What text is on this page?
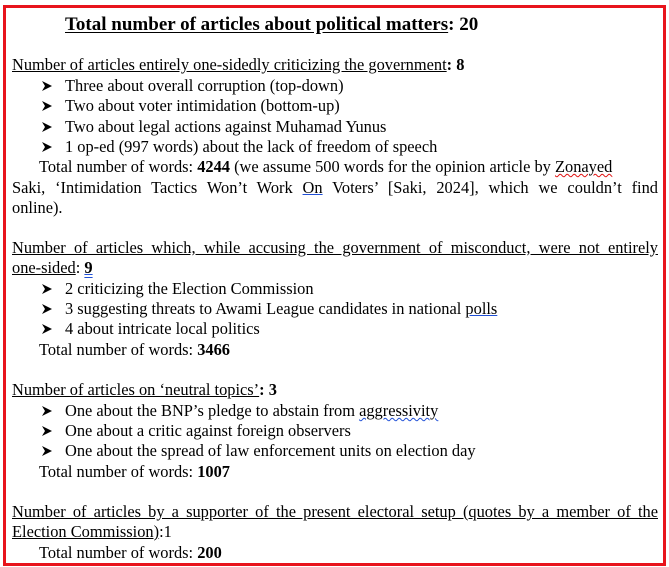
Total number of articles about political matters: 20
Number of articles entirely one-sidedly criticizing the government: 8
Three about overall corruption (top-down)
Two about voter intimidation (bottom-up)
Two about legal actions against Muhamad Yunus
1 op-ed (997 words) about the lack of freedom of speech
Total number of words: 4244 (we assume 500 words for the opinion article by Zonayed
Saki, ‘Intimidation Tactics Won’t Work On Voters’ [Saki, 2024], which we couldn’t find
online).
Number of articles which, while accusing the government of misconduct, were not entirely
one-sided: 9
2 criticizing the Election Commission
3 suggesting threats to Awami League candidates in national polls
4 about intricate local politics
Total number of words: 3466
Number of articles on ‘neutral topics’: 3
One about the BNP’s pledge to abstain from aggressivity
One about a critic against foreign observers
One about the spread of law enforcement units on election day
Total number of words: 1007
Number of articles by a supporter of the present electoral setup (quotes by a member of the
Election Commission):1
Total number of words: 200
